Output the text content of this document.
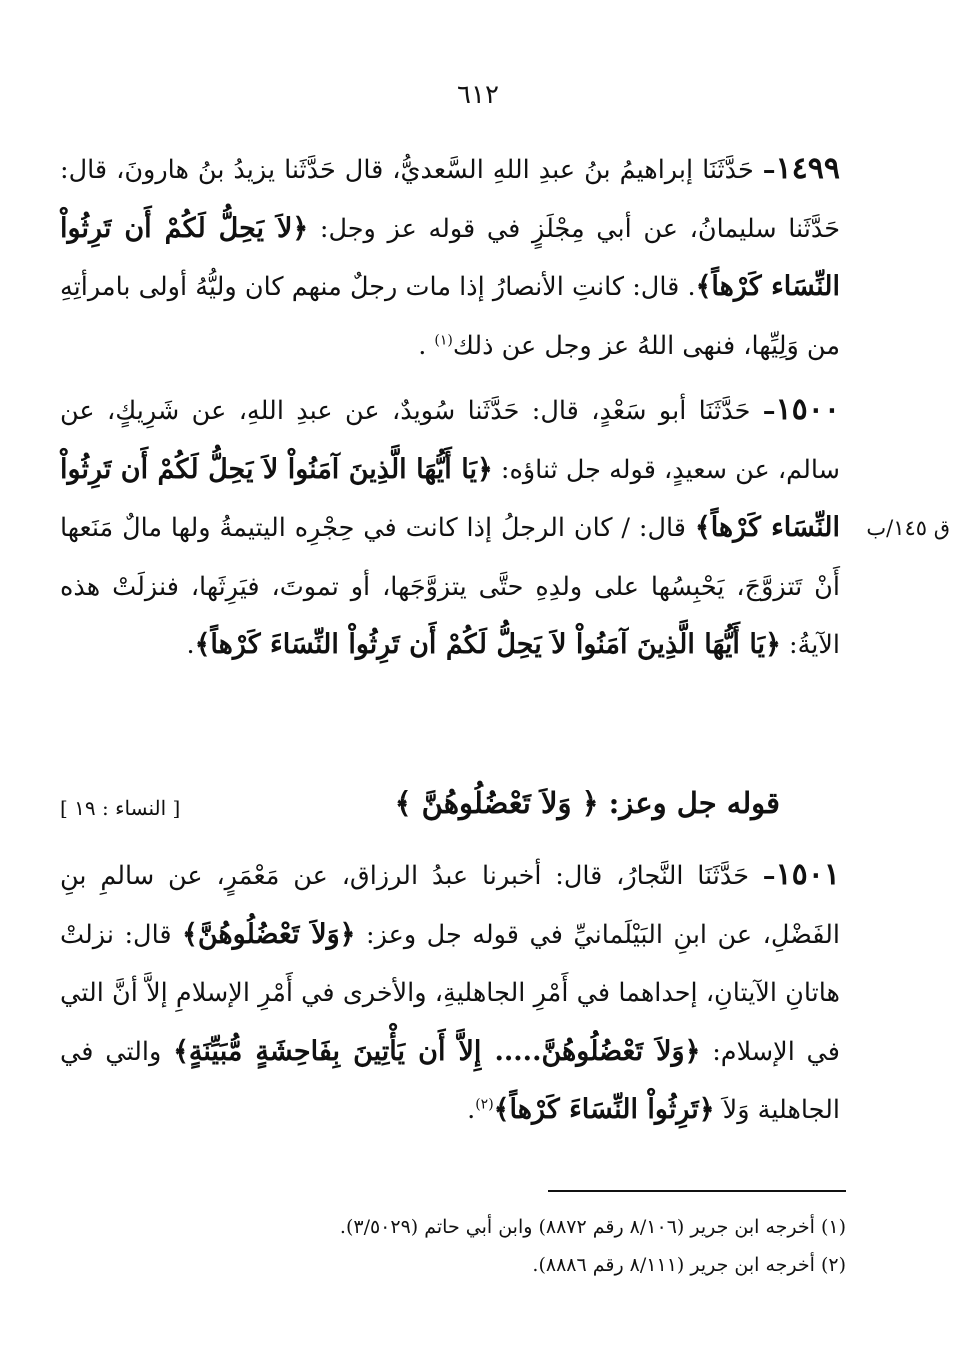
٦١٢

١٤٩٩– حَدَّثَنَا إبراهيمُ بنُ عبدِ اللهِ السَّعديُّ، قال حَدَّثَنا يزيدُ بنُ هارونَ، قال: حَدَّثَنا سليمانُ، عن أبي مِجْلَزٍ في قوله عز وجل: ﴿لاَ يَحِلُّ لَكُمْ أَن تَرِثُواْ النِّسَاء كَرْهاً﴾. قال: كانتِ الأنصارُ إذا مات رجلٌ منهم كان وليُّهُ أولى بامرأتِهِ من وَلِيِّها، فنهى اللهُ عز وجل عن ذلك$^{(١)}$ .

١٥٠٠– حَدَّثَنَا أبو سَعْدٍ، قال: حَدَّثَنا سُويدٌ، عن عبدِ اللهِ، عن شَرِيكٍ، عن سالم، عن سعيدٍ، قوله جل ثناؤه: ﴿يَا أَيُّهَا الَّذِينَ آمَنُواْ لاَ يَحِلُّ لَكُمْ أَن تَرِثُواْ النِّسَاء كَرْهاً﴾ قال: / كان الرجلُ إذا كانت في حِجْرِه اليتيمةُ ولها مالٌ مَنَعها أَنْ تَتزوَّجَ، يَحْبِسُها على ولدِهِ حتَّى يتزوَّجَها، أو تموتَ، فيَرِثَها، فنزلَتْ هذه الآيةُ: ﴿يَا أَيُّهَا الَّذِينَ آمَنُواْ لاَ يَحِلُّ لَكُمْ أَن تَرِثُواْ النِّسَاءَ كَرْهاً﴾.

ق ١٤٥/ب
قوله جل وعز: ﴿ وَلاَ تَعْضُلُوهُنَّ ﴾
[ النساء : ١٩ ]

١٥٠١– حَدَّثَنَا النَّجارُ، قال: أخبرنا عبدُ الرزاق، عن مَعْمَرٍ، عن سالمِ بنِ الفَضْلِ، عن ابنِ البَيْلَمانيِّ في قوله جل وعز: ﴿وَلاَ تَعْضُلُوهُنَّ﴾ قال: نزلتْ هاتانِ الآيتانِ، إحداهما في أَمْرِ الجاهليةِ، والأخرى في أَمْرِ الإسلامِ إلاَّ أنَّ التي في الإسلام: ﴿وَلاَ تَعْضُلُوهُنَّ..... إِلاَّ أَن يَأْتِينَ بِفَاحِشَةٍ مُّبَيِّنَةٍ﴾ والتي في الجاهلية وَلاَ ﴿تَرِثُواْ النِّسَاءَ كَرْهاً﴾$^{(٢)}$.

(١) أخرجه ابن جرير (٨/١٠٦ رقم ٨٨٧٢) وابن أبي حاتم (٣/٥٠٢٩).

(٢) أخرجه ابن جرير (٨/١١١ رقم ٨٨٨٦).
